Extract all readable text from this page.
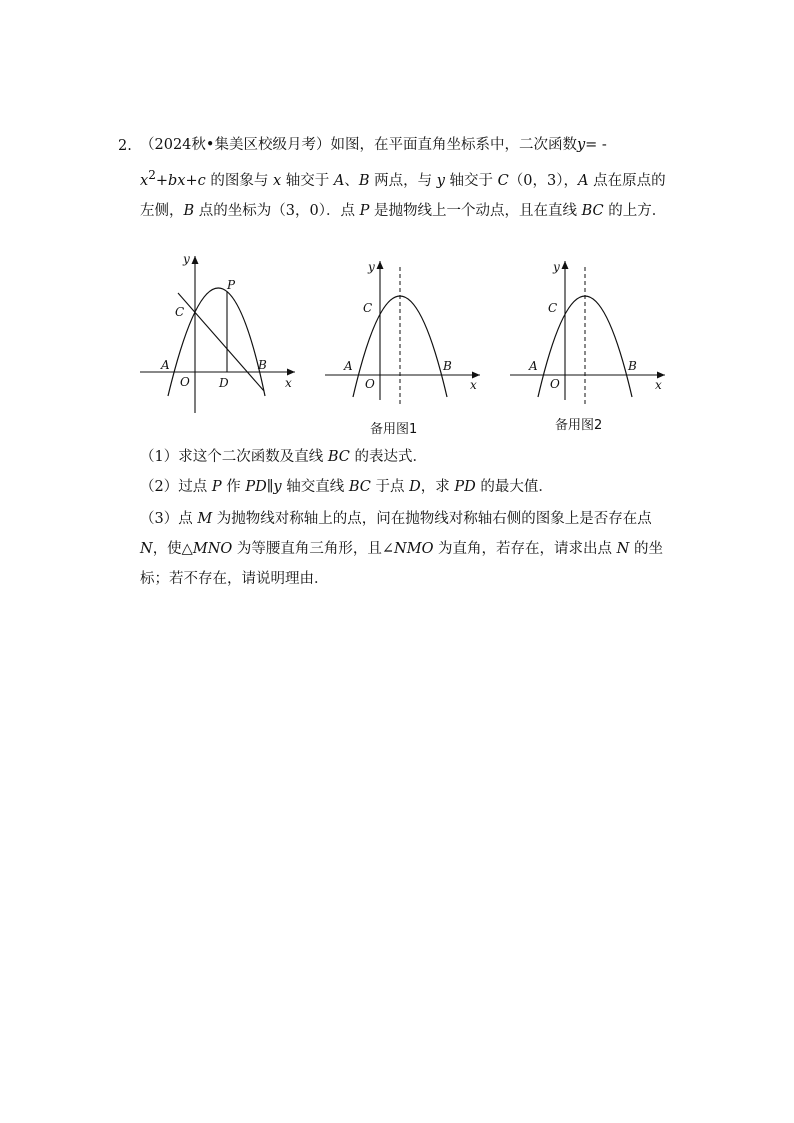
2. （2024秋•集美区校级月考）如图，在平面直角坐标系中，二次函数y= -
$x^2+bx+c$ 的图象与 x 轴交于 A、B 两点，与 y 轴交于 C（0，3），A 点在原点的左侧，B 点的坐标为（3，0）．点 P 是抛物线上一个动点，且在直线 BC 的上方．
y
x
O
A	B
C
P
D
y
x
O
A	B
C
备用图1
y
x
O
A	B
C
备用图2
（1）求这个二次函数及直线 BC 的表达式．
（2）过点 P 作 PD∥y 轴交直线 BC 于点 D，求 PD 的最大值．
（3）点 M 为抛物线对称轴上的点，问在抛物线对称轴右侧的图象上是否存在点 N，使△MNO 为等腰直角三角形，且∠NMO 为直角，若存在，请求出点 N 的坐标；若不存在，请说明理由．
